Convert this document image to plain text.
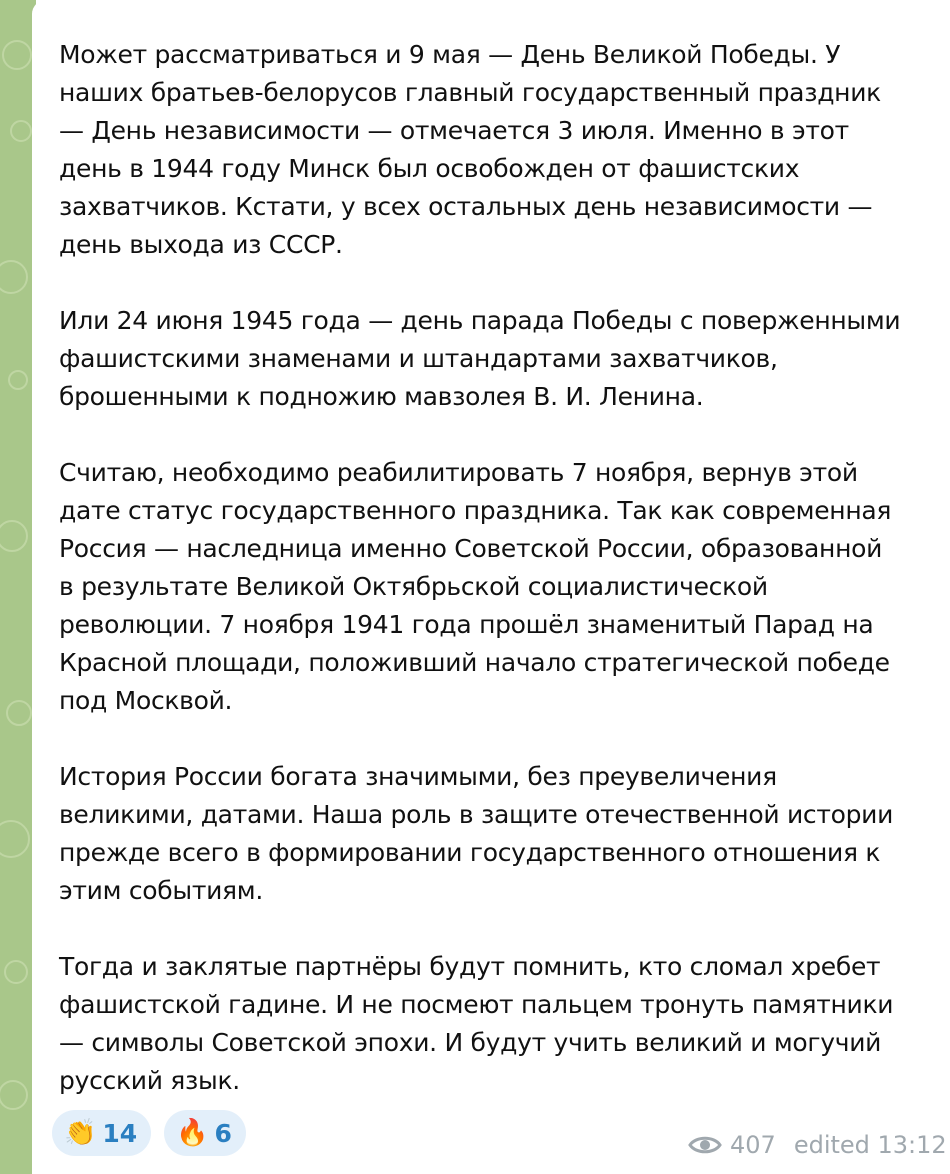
Может рассматриваться и 9 мая — День Великой Победы. У
наших братьев-белорусов главный государственный праздник
— День независимости — отмечается 3 июля. Именно в этот
день в 1944 году Минск был освобожден от фашистских
захватчиков. Кстати, у всех остальных день независимости —
день выхода из СССР.
Или 24 июня 1945 года — день парада Победы с поверженными
фашистскими знаменами и штандартами захватчиков,
брошенными к подножию мавзолея В. И. Ленина.
Считаю, необходимо реабилитировать 7 ноября, вернув этой
дате статус государственного праздника. Так как современная
Россия — наследница именно Советской России, образованной
в результате Великой Октябрьской социалистической
революции. 7 ноября 1941 года прошёл знаменитый Парад на
Красной площади, положивший начало стратегической победе
под Москвой.
История России богата значимыми, без преувеличения
великими, датами. Наша роль в защите отечественной истории
прежде всего в формировании государственного отношения к
этим событиям.
Тогда и заклятые партнёры будут помнить, кто сломал хребет
фашистской гадине. И не посмеют пальцем тронуть памятники
— символы Советской эпохи. И будут учить великий и могучий
русский язык.
👏 14 🔥 6	407 edited 13:12
